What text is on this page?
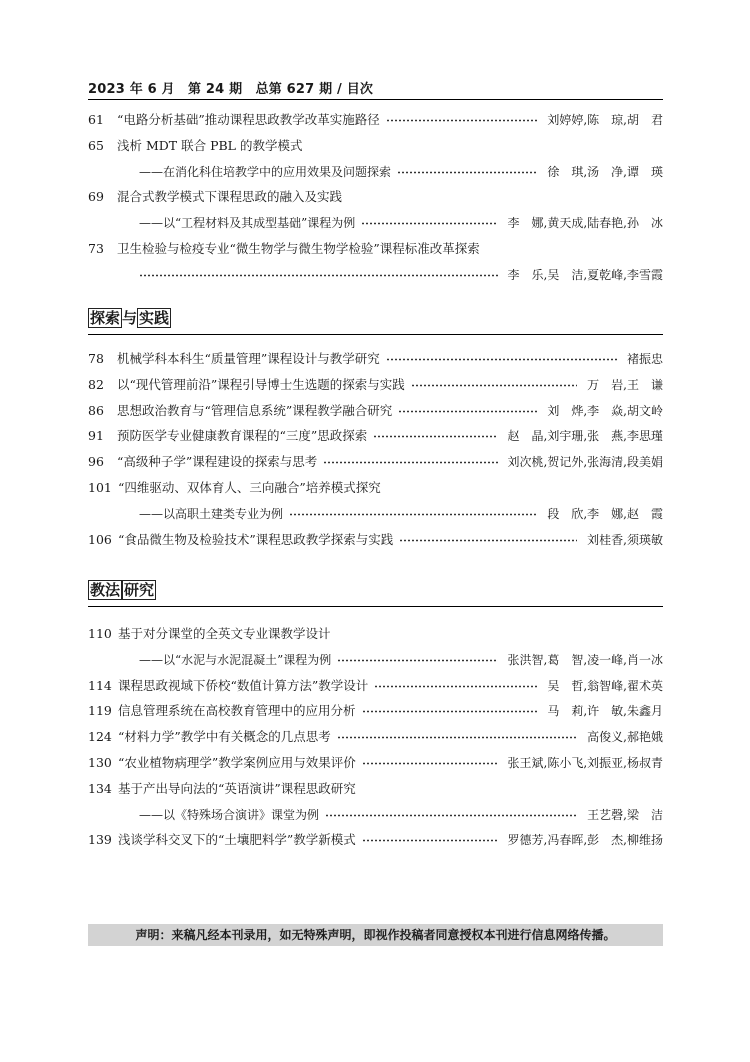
2023 年 6 月　第 24 期　总第 627 期 / 目次
61 “电路分析基础”推动课程思政教学改革实施路径	刘婷婷,陈　琼,胡　君
65 浅析 MDT 联合 PBL 的教学模式
——在消化科住培教学中的应用效果及问题探索	徐　琪,汤　净,谭　瑛
69 混合式教学模式下课程思政的融入及实践
——以“工程材料及其成型基础”课程为例	李　娜,黄天成,陆春艳,孙　冰
73 卫生检验与检疫专业“微生物学与微生物学检验”课程标准改革探索
李　乐,吴　洁,夏乾峰,李雪霞
探索 与 实践
78 机械学科本科生“质量管理”课程设计与教学研究	褚振忠
82 以“现代管理前沿”课程引导博士生选题的探索与实践	万　岩,王　谦
86 思想政治教育与“管理信息系统”课程教学融合研究	刘　烨,李　焱,胡文岭
91 预防医学专业健康教育课程的“三度”思政探索	赵　晶,刘宇珊,张　燕,李思瑾
96 “高级种子学”课程建设的探索与思考	刘次桃,贺记外,张海清,段美娟
101 “四维驱动、双体育人、三向融合”培养模式探究
——以高职土建类专业为例	段　欣,李　娜,赵　霞
106 “食品微生物及检验技术”课程思政教学探索与实践	刘桂香,须瑛敏
教法 研究
110 基于对分课堂的全英文专业课教学设计
——以“水泥与水泥混凝土”课程为例	张洪智,葛　智,凌一峰,肖一冰
114 课程思政视域下侨校“数值计算方法”教学设计	吴　哲,翁智峰,翟术英
119 信息管理系统在高校教育管理中的应用分析	马　莉,许　敏,朱鑫月
124 “材料力学”教学中有关概念的几点思考	高俊义,郝艳娥
130 “农业植物病理学”教学案例应用与效果评价	张王斌,陈小飞,刘振亚,杨叔青
134 基于产出导向法的“英语演讲”课程思政研究
——以《特殊场合演讲》课堂为例	王艺磬,梁　洁
139 浅谈学科交叉下的“土壤肥料学”教学新模式	罗德芳,冯春晖,彭　杰,柳维扬
声明：来稿凡经本刊录用，如无特殊声明，即视作投稿者同意授权本刊进行信息网络传播。
